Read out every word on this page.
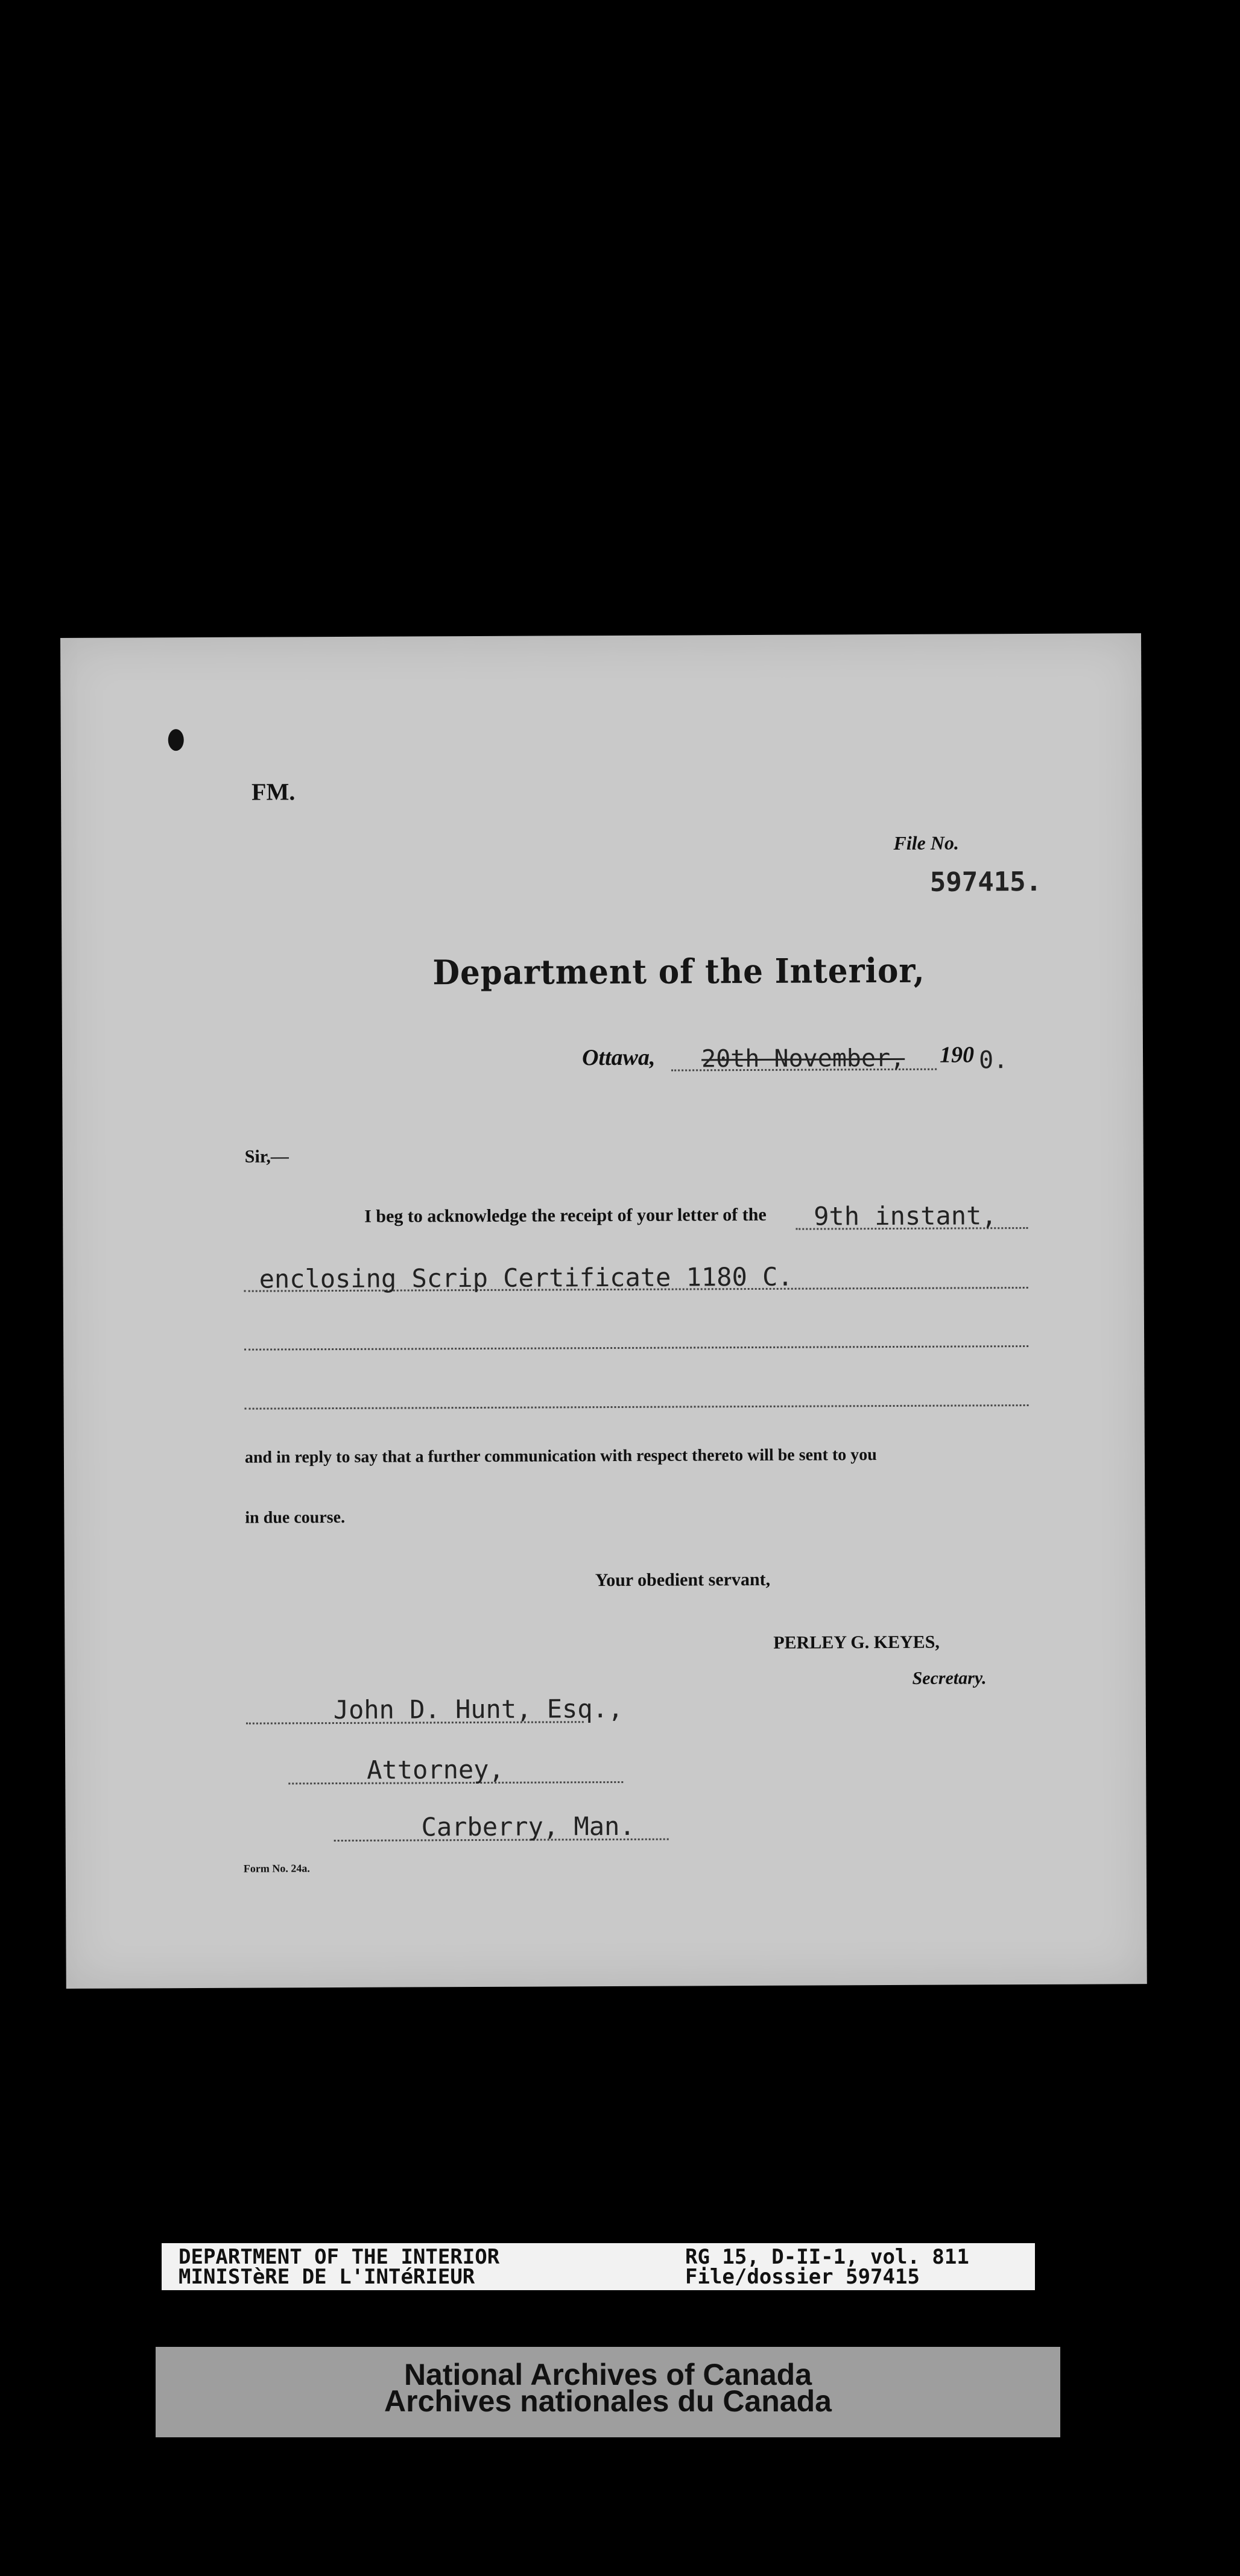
FM.
File No.
597415.
Department of the Interior,
Ottawa, 20th November, 190 0.
Sir,—
I beg to acknowledge the receipt of your letter of the 9th instant,
enclosing Scrip Certificate 1180 C.
and in reply to say that a further communication with respect thereto will be sent to you
in due course.
Your obedient servant,
PERLEY G. KEYES,
Secretary.
John D. Hunt, Esq.,
Attorney,
Carberry, Man.
Form No. 24a.
DEPARTMENT OF THE INTERIOR
MINISTèRE DE L'INTéRIEUR
RG 15, D-II-1, vol. 811
File/dossier 597415
National Archives of Canada
Archives nationales du Canada
